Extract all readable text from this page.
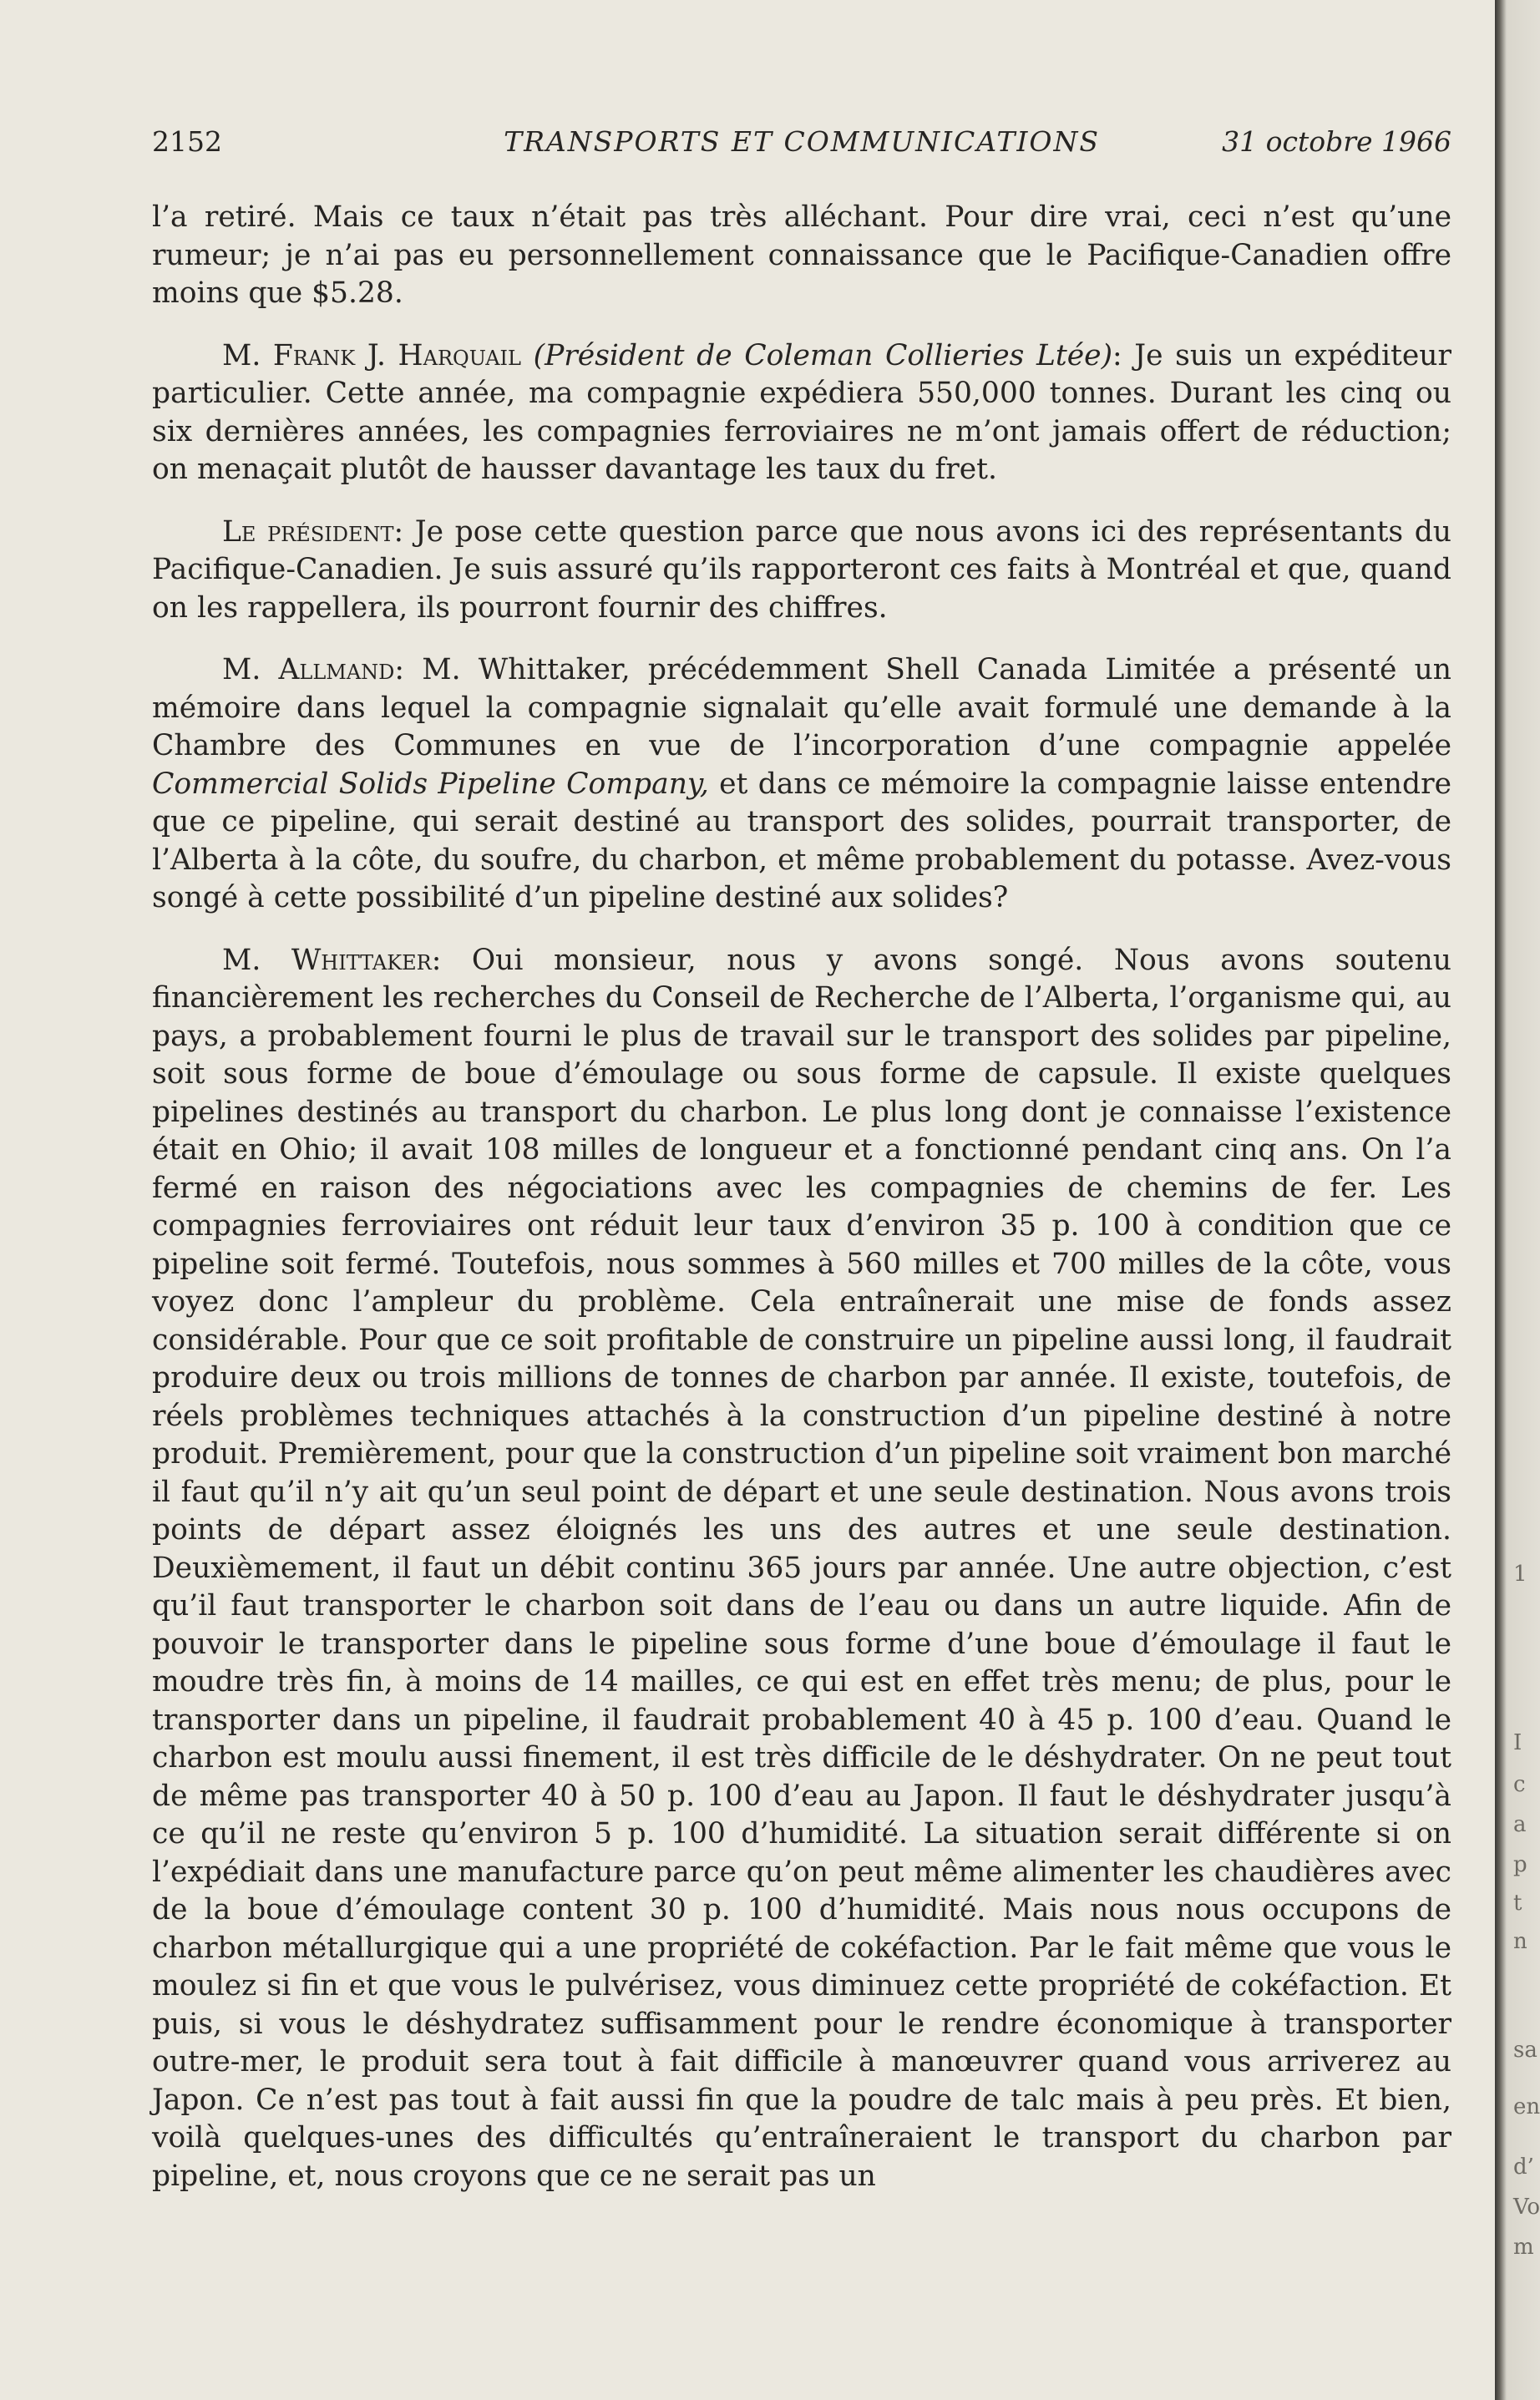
2152	TRANSPORTS ET COMMUNICATIONS	31 octobre 1966

l’a retiré. Mais ce taux n’était pas très alléchant. Pour dire vrai, ceci n’est qu’une rumeur; je n’ai pas eu personnellement connaissance que le Pacifique-Canadien offre moins que $5.28.

M. Frank J. Harquail (Président de Coleman Collieries Ltée): Je suis un expéditeur particulier. Cette année, ma compagnie expédiera 550,000 tonnes. Durant les cinq ou six dernières années, les compagnies ferroviaires ne m’ont jamais offert de réduction; on menaçait plutôt de hausser davantage les taux du fret.

Le président: Je pose cette question parce que nous avons ici des représentants du Pacifique-Canadien. Je suis assuré qu’ils rapporteront ces faits à Montréal et que, quand on les rappellera, ils pourront fournir des chiffres.

M. Allmand: M. Whittaker, précédemment Shell Canada Limitée a présenté un mémoire dans lequel la compagnie signalait qu’elle avait formulé une demande à la Chambre des Communes en vue de l’incorporation d’une compagnie appelée Commercial Solids Pipeline Company, et dans ce mémoire la compagnie laisse entendre que ce pipeline, qui serait destiné au transport des solides, pourrait transporter, de l’Alberta à la côte, du soufre, du charbon, et même probablement du potasse. Avez-vous songé à cette possibilité d’un pipeline destiné aux solides?

M. Whittaker: Oui monsieur, nous y avons songé. Nous avons soutenu financièrement les recherches du Conseil de Recherche de l’Alberta, l’organisme qui, au pays, a probablement fourni le plus de travail sur le transport des solides par pipeline, soit sous forme de boue d’émoulage ou sous forme de capsule. Il existe quelques pipelines destinés au transport du charbon. Le plus long dont je connaisse l’existence était en Ohio; il avait 108 milles de longueur et a fonctionné pendant cinq ans. On l’a fermé en raison des négociations avec les compagnies de chemins de fer. Les compagnies ferroviaires ont réduit leur taux d’environ 35 p. 100 à condition que ce pipeline soit fermé. Toutefois, nous sommes à 560 milles et 700 milles de la côte, vous voyez donc l’ampleur du problème. Cela entraînerait une mise de fonds assez considérable. Pour que ce soit profitable de construire un pipeline aussi long, il faudrait produire deux ou trois millions de tonnes de charbon par année. Il existe, toutefois, de réels problèmes techniques attachés à la construction d’un pipeline destiné à notre produit. Premièrement, pour que la construction d’un pipeline soit vraiment bon marché il faut qu’il n’y ait qu’un seul point de départ et une seule destination. Nous avons trois points de départ assez éloignés les uns des autres et une seule destination. Deuxièmement, il faut un débit continu 365 jours par année. Une autre objection, c’est qu’il faut transporter le charbon soit dans de l’eau ou dans un autre liquide. Afin de pouvoir le transporter dans le pipeline sous forme d’une boue d’émoulage il faut le moudre très fin, à moins de 14 mailles, ce qui est en effet très menu; de plus, pour le transporter dans un pipeline, il faudrait probablement 40 à 45 p. 100 d’eau. Quand le charbon est moulu aussi finement, il est très difficile de le déshydrater. On ne peut tout de même pas transporter 40 à 50 p. 100 d’eau au Japon. Il faut le déshydrater jusqu’à ce qu’il ne reste qu’environ 5 p. 100 d’humidité. La situation serait différente si on l’expédiait dans une manufacture parce qu’on peut même alimenter les chaudières avec de la boue d’émoulage content 30 p. 100 d’humidité. Mais nous nous occupons de charbon métallurgique qui a une propriété de cokéfaction. Par le fait même que vous le moulez si fin et que vous le pulvérisez, vous diminuez cette propriété de cokéfaction. Et puis, si vous le déshydratez suffisamment pour le rendre économique à transporter outre-mer, le produit sera tout à fait difficile à manœuvrer quand vous arriverez au Japon. Ce n’est pas tout à fait aussi fin que la poudre de talc mais à peu près. Et bien, voilà quelques-unes des difficultés qu’entraîneraient le transport du charbon par pipeline, et, nous croyons que ce ne serait pas un

1
I
c
a
p
t
n
sa
en
d’
Vo
m
